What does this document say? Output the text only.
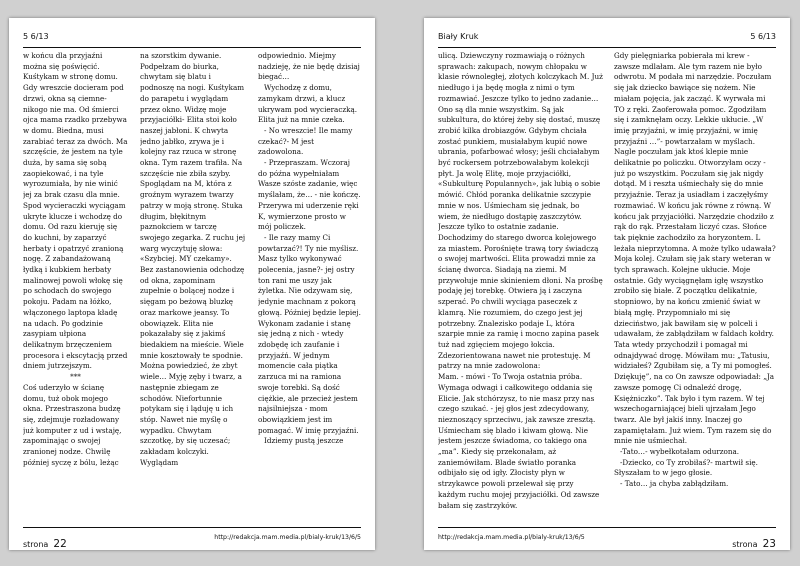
5 6/13

w końcu dla przyjaźni można się poświęcić. Kuśtykam w stronę domu. Gdy wreszcie docieram pod drzwi, okna są ciemne- nikogo nie ma. Od śmierci ojca mama rzadko przebywa w domu. Biedna, musi zarabiać teraz za dwóch. Ma szczęście, że jestem na tyle duża, by sama się sobą zaopiekować, i na tyle wyrozumiała, by nie winić jej za brak czasu dla mnie. Spod wycieraczki wyciągam ukryte klucze i wchodzę do domu. Od razu kieruję się do kuchni, by zaparzyć herbaty i opatrzyć zranioną nogę. Z zabandażowaną łydką i kubkiem herbaty malinowej powoli włokę się po schodach do swojego pokoju. Padam na łóżko, włączonego laptopa kładę na udach. Po godzinie zasypiam ułpiona delikatnym brzęczeniem procesora i ekscytacją przed dniem jutrzejszym.

***

Coś uderzyło w ścianę domu, tuż obok mojego okna. Przestraszona budzę się, zdejmuje rozładowany już komputer z ud i wstaję, zapominając o swojej zranionej nodze. Chwilę później syczę z bólu, leżąc

na szorstkim dywanie. Podpełzam do biurka, chwytam się blatu i podnoszę na nogi. Kuśtykam do parapetu i wyglądam przez okno. Widzę moje przyjaciółki- Elita stoi koło naszej jabłoni. K chwyta jedno jabłko, zrywa je i kolejny raz rzuca w stronę okna. Tym razem trafiła. Na szczęście nie zbiła szyby. Spoglądam na M, która z groźnym wyrazem twarzy patrzy w moją stronę. Stuka długim, błękitnym paznokciem w tarczę swojego zegarka. Z ruchu jej warg wyczytuję słowa: «Szybciej. MY czekamy». Bez zastanowienia odchodzę od okna, zapominam zupełnie o bolącej nodze i sięgam po beżową bluzkę oraz markowe jeansy. To obowiązek. Elita nie pokazałaby się z jakimś biedakiem na mieście. Wiele mnie kosztowały te spodnie. Można powiedzieć, że zbyt wiele… Myję zęby i twarz, a następnie zbiegam ze schodów. Niefortunnie potykam się i ląduję u ich stóp. Nawet nie myślę o wypadku. Chwytam szczotkę, by się uczesać; zakładam kolczyki. Wyglądam

odpowiednio. Miejmy nadzieję, że nie będę dzisiaj biegać…

Wychodzę z domu, zamykam drzwi, a klucz ukrywam pod wycieraczką. Elita już na mnie czeka.

- No wreszcie! Ile mamy czekać?- M jest zadowolona.

- Przepraszam. Wczoraj do późna wypełniałam Wasze szóste zadanie, więc myślałam, że… - nie kończę. Przerywa mi uderzenie ręki K, wymierzone prosto w mój policzek.

- Ile razy mamy Ci powtarzać?! Ty nie myślisz. Masz tylko wykonywać polecenia, jasne?- jej ostry ton rani me uszy jak żyletka. Nie odzywam się, jedynie machnam z pokorą głową. Później będzie lepiej. Wykonam zadanie i stanę się jedną z nich - wtedy zdobędę ich zaufanie i przyjaźń. W jednym momencie cała piątka zarzuca mi na ramiona swoje torebki. Są dość ciężkie, ale przecież jestem najsilniejsza - mom obowiązkiem jest im pomagać. W imię przyjaźni.

Idziemy pustą jeszcze

strona 22
http://redakcja.mam.media.pl/bialy-kruk/13/6/5
Biały Kruk	5 6/13

ulicą. Dziewczyny rozmawiają o różnych sprawach: zakupach, nowym chłopaku w klasie równoległej, złotych kolczykach M. Już niedługo i ja będę mogła z nimi o tym rozmawiać. Jeszcze tylko to jedno zadanie… Ono są dla mnie wszystkim. Są jak subkultura, do której żeby się dostać, muszę zrobić kilka drobiazgów. Gdybym chciała zostać punkiem, musiałabym kupić nowe ubrania, pofarbować włosy; jeśli chciałabym być rockersem potrzebowałabym kolekcji płyt. Ja wolę Elitę, moje przyjaciółki, «Subkulturę Populannych», jak lubią o sobie mówić. Chłód poranka delikatnie szczypie mnie w nos. Uśmiecham się jednak, bo wiem, że niedługo dostąpię zaszczytów. Jeszcze tylko to ostatnie zadanie. Dochodzimy do starego dworca kolejowego za miastem. Porośnięte trawą tory świadczą o swojej martwości. Elita prowadzi mnie za ścianę dworca. Siadają na ziemi. M przywołuje mnie skinieniem dłoni. Na prośbę podaję jej torebkę. Otwiera ją i zaczyna szperać. Po chwili wyciąga paseczek z klamrą. Nie rozumiem, do czego jest jej potrzebny. Znalezisko podaje L, która szarpie mnie za ramię i mocno zapina pasek tuż nad zgięciem mojego łokcia. Zdezorientowana nawet nie protestuję. M patrzy na mnie zadowolona:

Mam. - mówi - To Twoja ostatnia próba. Wymaga odwagi i całkowitego oddania się Elicie. Jak stchórzysz, to nie masz przy nas czego szukać. - jej głos jest zdecydowany, nieznoszący sprzeciwu, jak zawsze zresztą. Uśmiecham się blado i kiwam głową. Nie jestem jeszcze świadoma, co takiego ona „ma”. Kiedy się przekonałam, aż zaniemówiłam. Blade światło poranka odbijało się od igły. Złocisty płyn w strzykawce powoli przelewał się przy każdym ruchu mojej przyjaciółki. Od zawsze bałam się zastrzyków.

Gdy pielęgniarka pobierała mi krew - zawsze mdlałam. Ale tym razem nie było odwrotu. M podała mi narzędzie. Poczułam się jak dziecko bawiące się nożem. Nie miałam pojęcia, jak zacząć. K wyrwała mi TO z ręki. Zaoferowała pomoc. Zgodziłam się i zamknęłam oczy. Lekkie ukłucie. „W imię przyjaźni, w imię przyjaźni, w imię przyjaźni …”- powtarzałam w myślach. Nagle poczułam jak ktoś klepie mnie delikatnie po policzku. Otworzyłam oczy - już po wszystkim. Poczułam się jak nigdy dotąd. M i reszta uśmiechały się do mnie przyjaźnie. Teraz ja usiadłam i zaczęłyśmy rozmawiać. W końcu jak równe z równą. W końcu jak przyjaciółki. Narzędzie chodziło z rąk do rąk. Przestałam liczyć czas. Słońce tak pięknie zachodziło za horyzontem. L leżała nieprzytomna. A może tylko udawała? Moja kolej. Czułam się jak stary weteran w tych sprawach. Kolejne ukłucie. Moje ostatnie. Gdy wyciągnęłam igłę wszystko zrobiło się białe. Z początku delikatnie, stopniowo, by na końcu zmienić świat w białą mgłę. Przypomniało mi się dzieciństwo, jak bawiłam się w polceli i udawałam, że zabłądziłam w faldach kołdry. Tata wtedy przychodził i pomagał mi odnajdywać drogę. Mówiłam mu: „Tatusiu, widziałeś? Zgubiłam się, a Ty mi pomogłeś. Dziękuję”, na co On zawsze odpowiadał: „Ja zawsze pomogę Ci odnaleźć drogę, Księżniczko”. Tak było i tym razem. W tej wszechogarniającej bieli ujrzałam Jego twarz. Ale był jakiś inny. Inaczej go zapamiętałam. Już wiem. Tym razem się do mnie nie uśmiechał.

-Tato…- wybełkotałam odurzona.

-Dziecko, co Ty zrobiłaś?- martwił się. Słyszałam to w jego głosie.

- Tato… ja chyba zabłądziłam.

http://redakcja.mam.media.pl/bialy-kruk/13/6/5
strona 23
